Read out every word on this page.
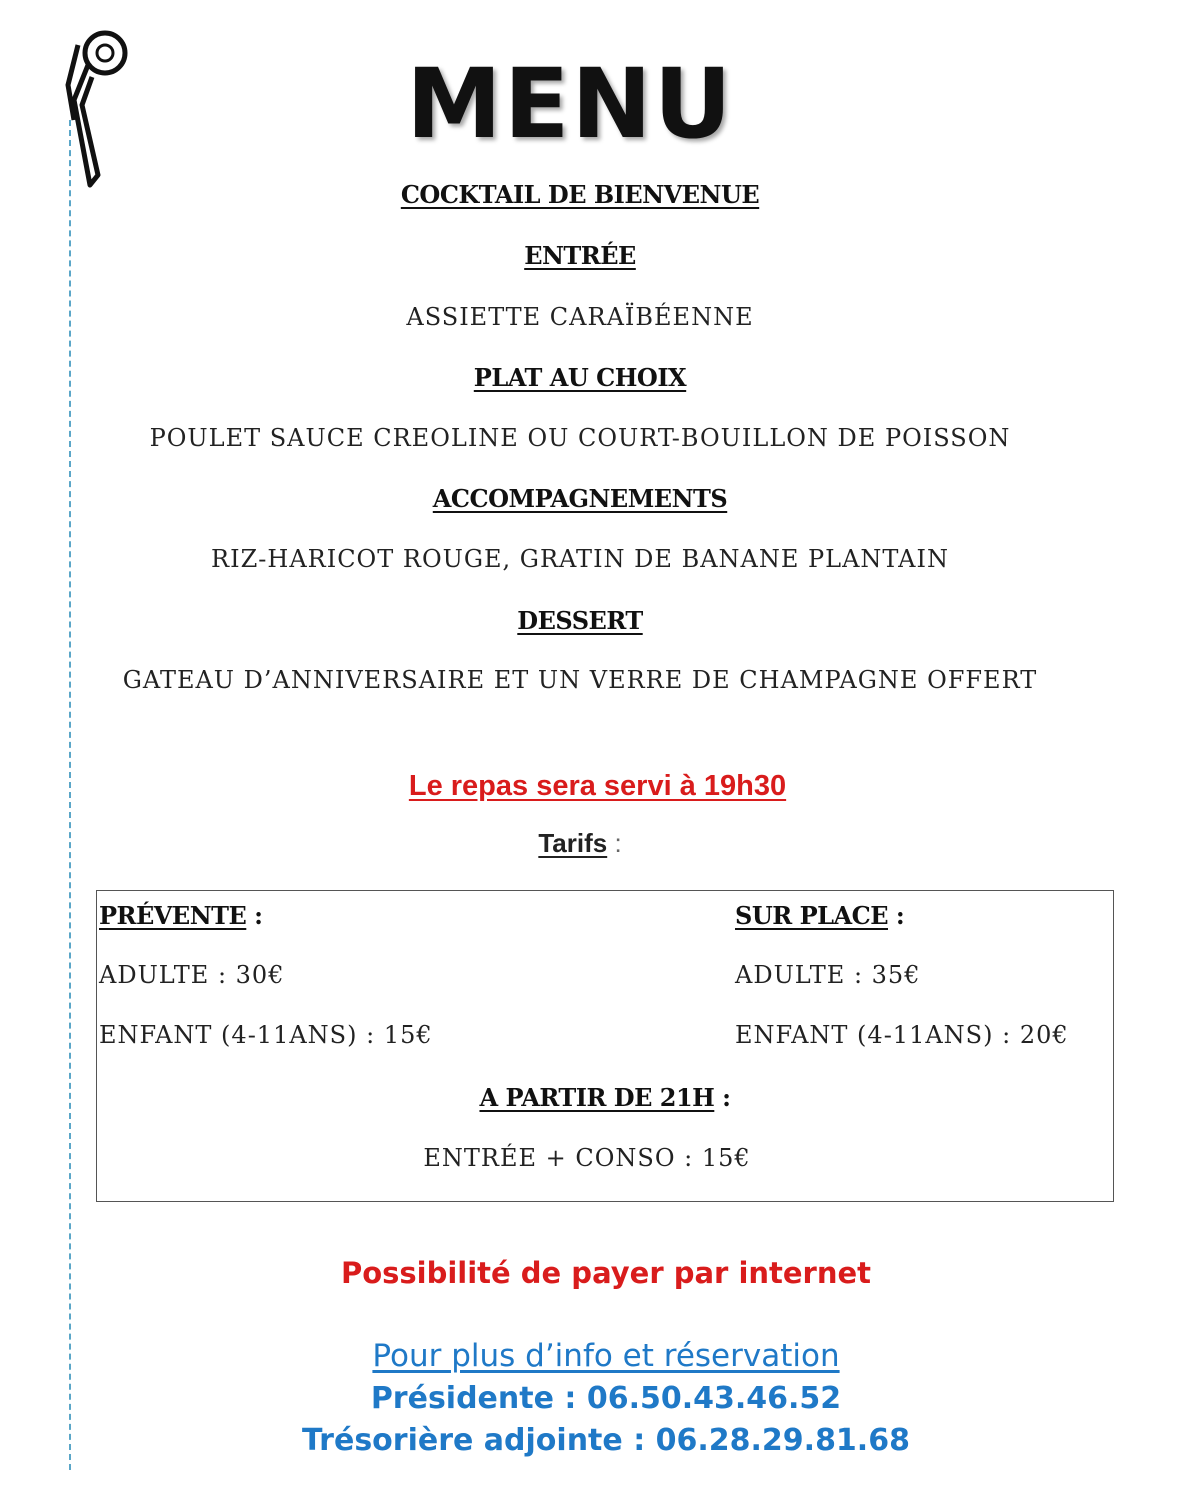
MENU
COCKTAIL DE BIENVENUE
ENTRÉE
ASSIETTE CARAÏBÉENNE
PLAT AU CHOIX
POULET SAUCE CREOLINE OU COURT-BOUILLON DE POISSON
ACCOMPAGNEMENTS
RIZ-HARICOT ROUGE, GRATIN DE BANANE PLANTAIN
DESSERT
GATEAU D’ANNIVERSAIRE ET UN VERRE DE CHAMPAGNE OFFERT
Le repas sera servi à 19h30
Tarifs :
PRÉVENTE :
ADULTE : 30€
ENFANT (4-11ANS) : 15€
SUR PLACE :
ADULTE : 35€
ENFANT (4-11ANS) : 20€
A PARTIR DE 21H :
ENTRÉE + CONSO : 15€
Possibilité de payer par internet
Pour plus d’info et réservation
Présidente : 06.50.43.46.52
Trésorière adjointe : 06.28.29.81.68
